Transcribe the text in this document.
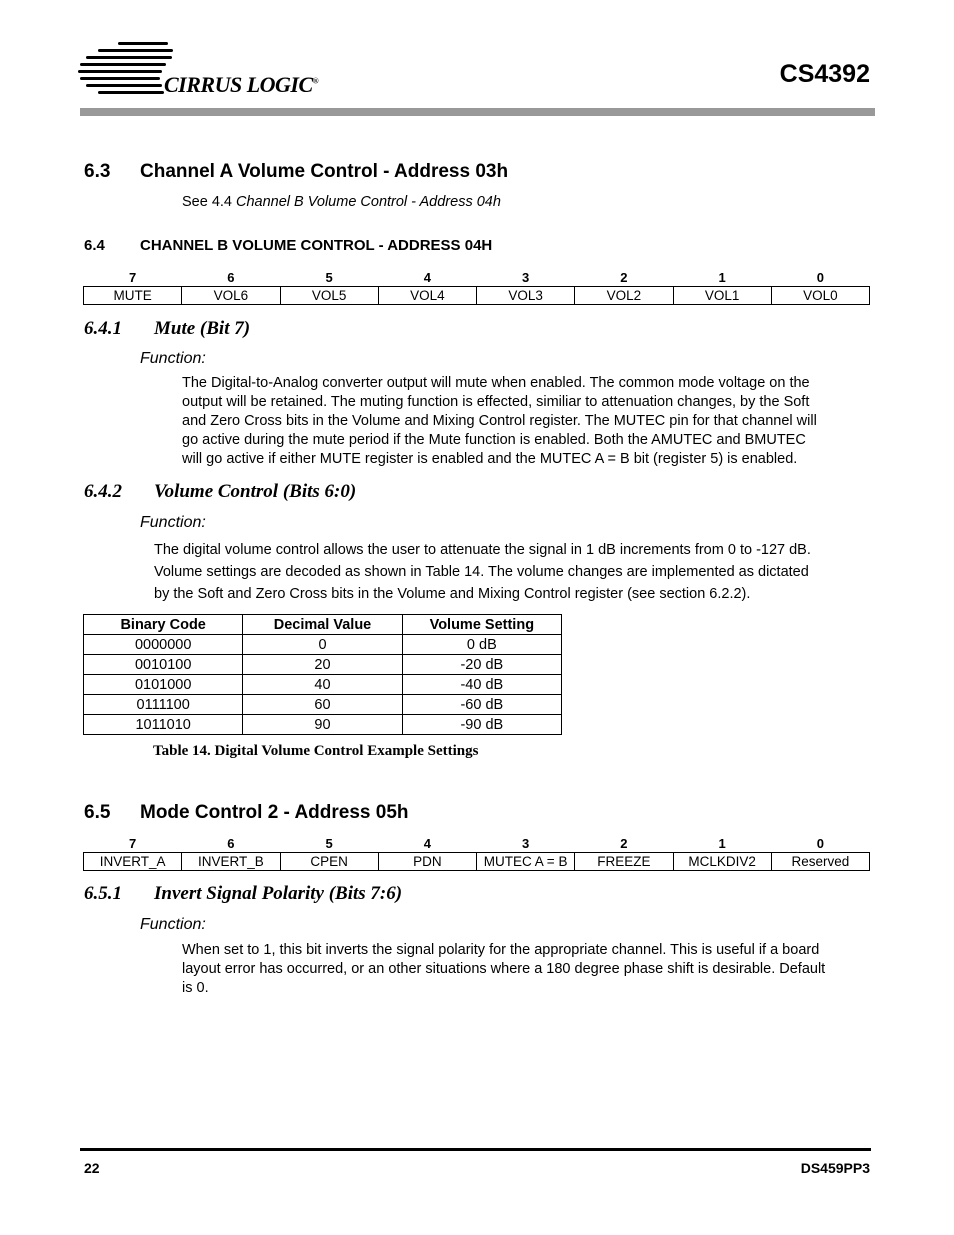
CIRRUS LOGIC®	CS4392
6.3 Channel A Volume Control - Address 03h
See 4.4 Channel B Volume Control - Address 04h
6.4 CHANNEL B VOLUME CONTROL - ADDRESS 04H
7	6	5	4	3	2	1	0
MUTE	VOL6	VOL5	VOL4	VOL3	VOL2	VOL1	VOL0
6.4.1 Mute (Bit 7)
Function:
The Digital-to-Analog converter output will mute when enabled. The common mode voltage on the
output will be retained. The muting function is effected, similiar to attenuation changes, by the Soft
and Zero Cross bits in the Volume and Mixing Control register. The MUTEC pin for that channel will
go active during the mute period if the Mute function is enabled. Both the AMUTEC and BMUTEC
will go active if either MUTE register is enabled and the MUTEC A = B bit (register 5) is enabled.
6.4.2 Volume Control (Bits 6:0)
Function:
The digital volume control allows the user to attenuate the signal in 1 dB increments from 0 to -127 dB.
Volume settings are decoded as shown in Table 14. The volume changes are implemented as dictated
by the Soft and Zero Cross bits in the Volume and Mixing Control register (see section 6.2.2).
Binary Code	Decimal Value	Volume Setting
0000000	0	0 dB
0010100	20	-20 dB
0101000	40	-40 dB
0111100	60	-60 dB
1011010	90	-90 dB
Table 14. Digital Volume Control Example Settings
6.5 Mode Control 2 - Address 05h
7	6	5	4	3	2	1	0
INVERT_A	INVERT_B	CPEN	PDN	MUTEC A = B	FREEZE	MCLKDIV2	Reserved
6.5.1 Invert Signal Polarity (Bits 7:6)
Function:
When set to 1, this bit inverts the signal polarity for the appropriate channel. This is useful if a board
layout error has occurred, or an other situations where a 180 degree phase shift is desirable. Default
is 0.
22	DS459PP3
